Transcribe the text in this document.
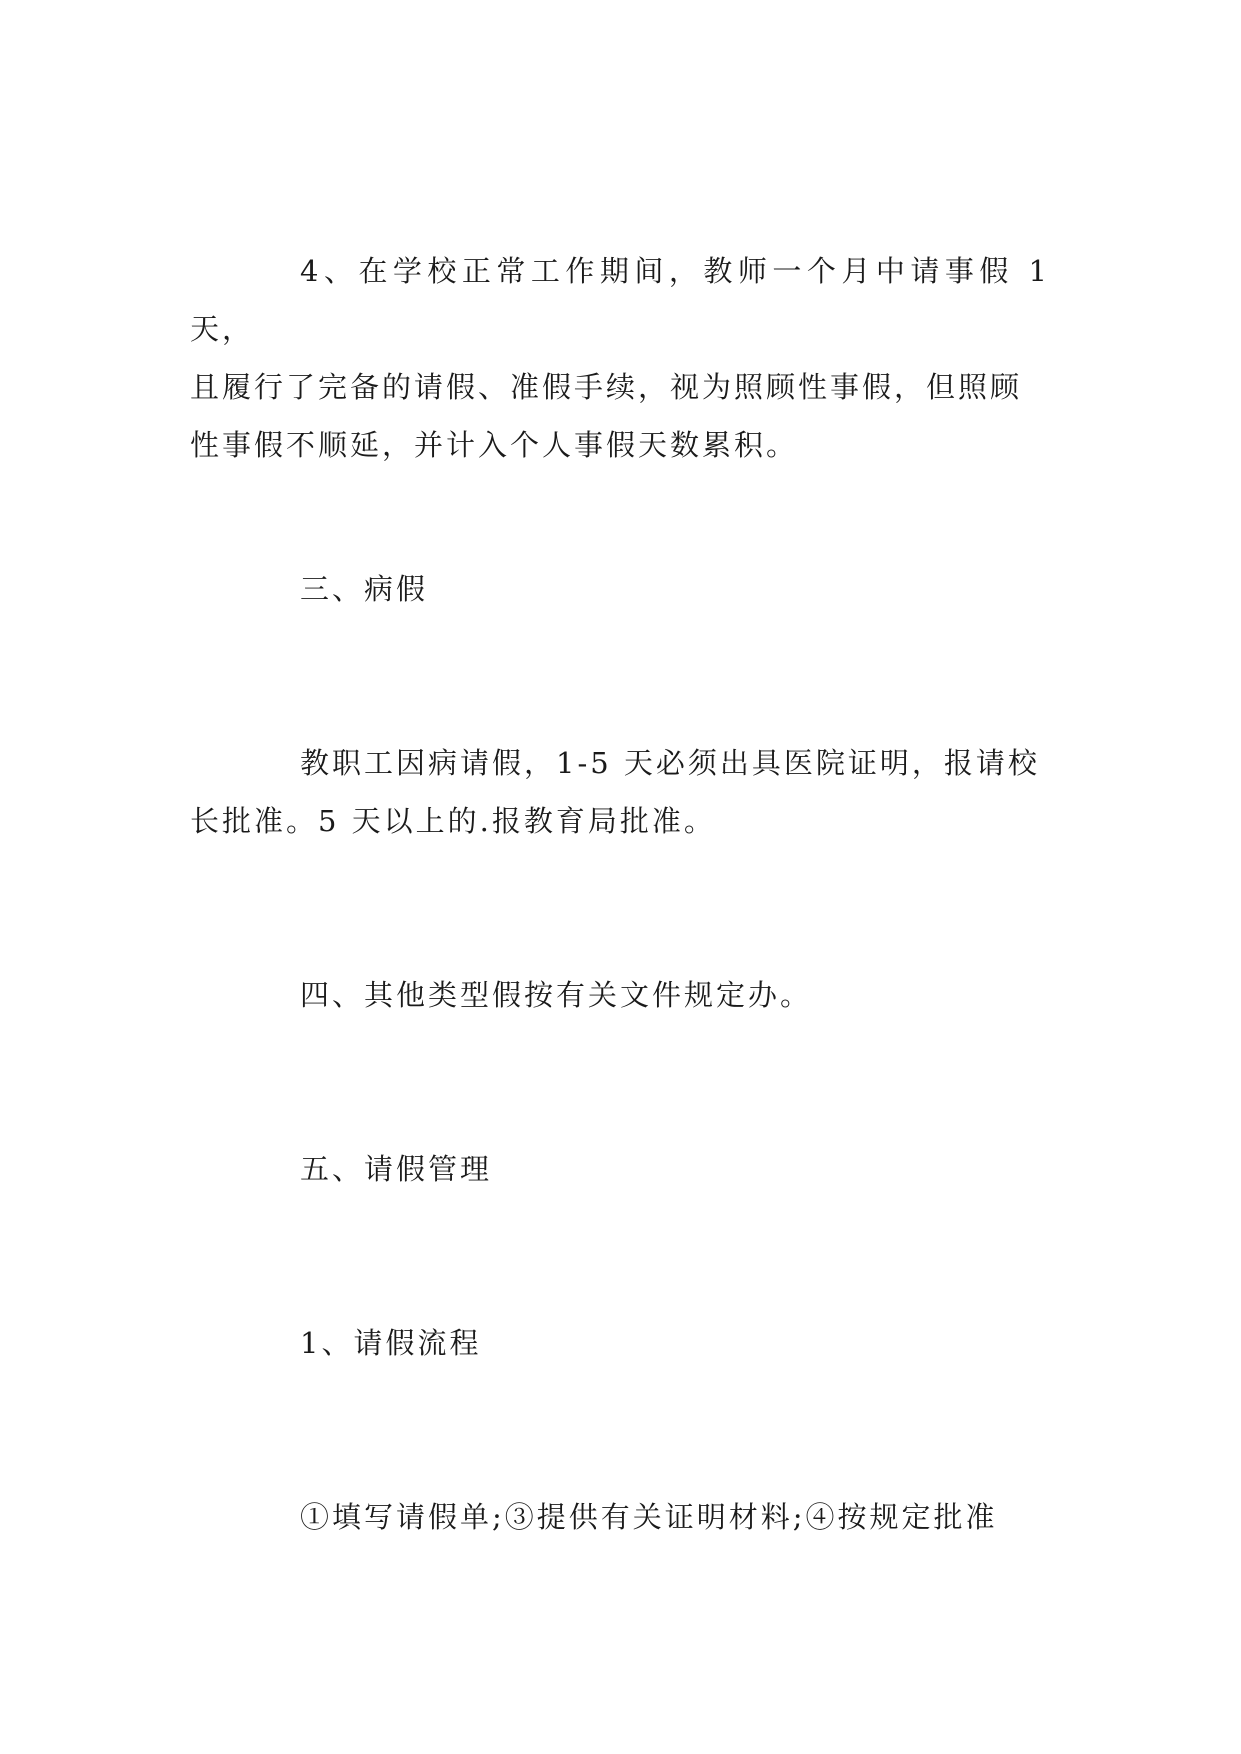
4、在学校正常工作期间，教师一个月中请事假 1 天，
且履行了完备的请假、准假手续，视为照顾性事假，但照顾
性事假不顺延，并计入个人事假天数累积。
三、病假
教职工因病请假，1-5 天必须出具医院证明，报请校
长批准。5 天以上的.报教育局批准。
四、其他类型假按有关文件规定办。
五、请假管理
1、请假流程
①填写请假单;③提供有关证明材料;④按规定批准
